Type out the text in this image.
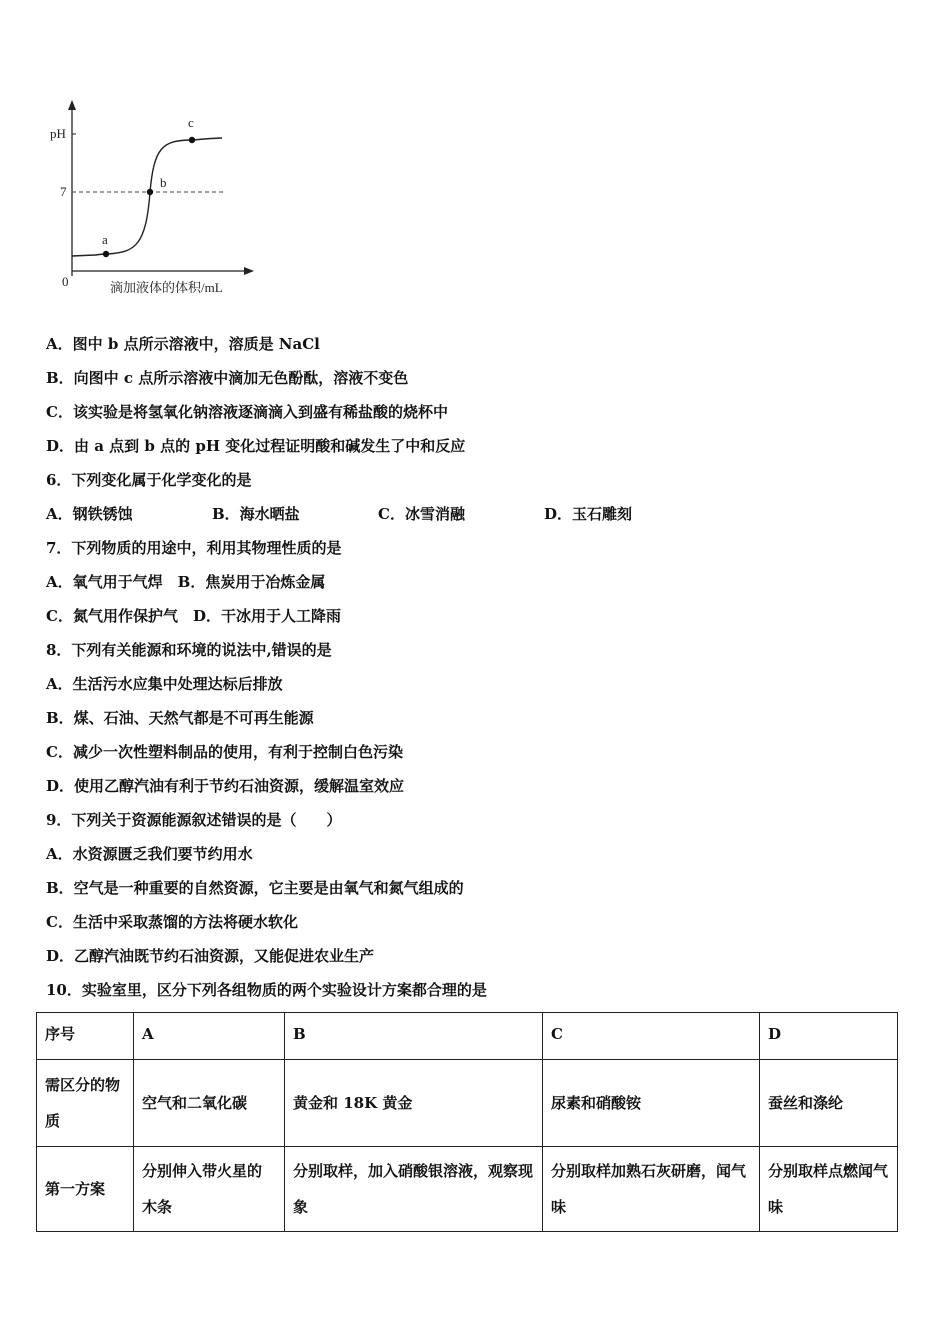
pH
7
0
a
b
c
滴加液体的体积/mL
A．图中 b 点所示溶液中，溶质是 NaCl
B．向图中 c 点所示溶液中滴加无色酚酞，溶液不变色
C．该实验是将氢氧化钠溶液逐滴滴入到盛有稀盐酸的烧杯中
D．由 a 点到 b 点的 pH 变化过程证明酸和碱发生了中和反应
6．下列变化属于化学变化的是
A．钢铁锈蚀	B．海水晒盐	C．冰雪消融	D．玉石雕刻
7．下列物质的用途中，利用其物理性质的是
A．氧气用于气焊　B．焦炭用于冶炼金属
C．氮气用作保护气　D．干冰用于人工降雨
8．下列有关能源和环境的说法中,错误的是
A．生活污水应集中处理达标后排放
B．煤、石油、天然气都是不可再生能源
C．减少一次性塑料制品的使用，有利于控制白色污染
D．使用乙醇汽油有利于节约石油资源，缓解温室效应
9．下列关于资源能源叙述错误的是（　　）
A．水资源匮乏我们要节约用水
B．空气是一种重要的自然资源，它主要是由氧气和氮气组成的
C．生活中采取蒸馏的方法将硬水软化
D．乙醇汽油既节约石油资源，又能促进农业生产
10．实验室里，区分下列各组物质的两个实验设计方案都合理的是
序号	A	B	C	D
需区分的物质	空气和二氧化碳	黄金和 18K 黄金	尿素和硝酸铵	蚕丝和涤纶
第一方案	分别伸入带火星的木条	分别取样，加入硝酸银溶液，观察现象	分别取样加熟石灰研磨，闻气味	分别取样点燃闻气味
